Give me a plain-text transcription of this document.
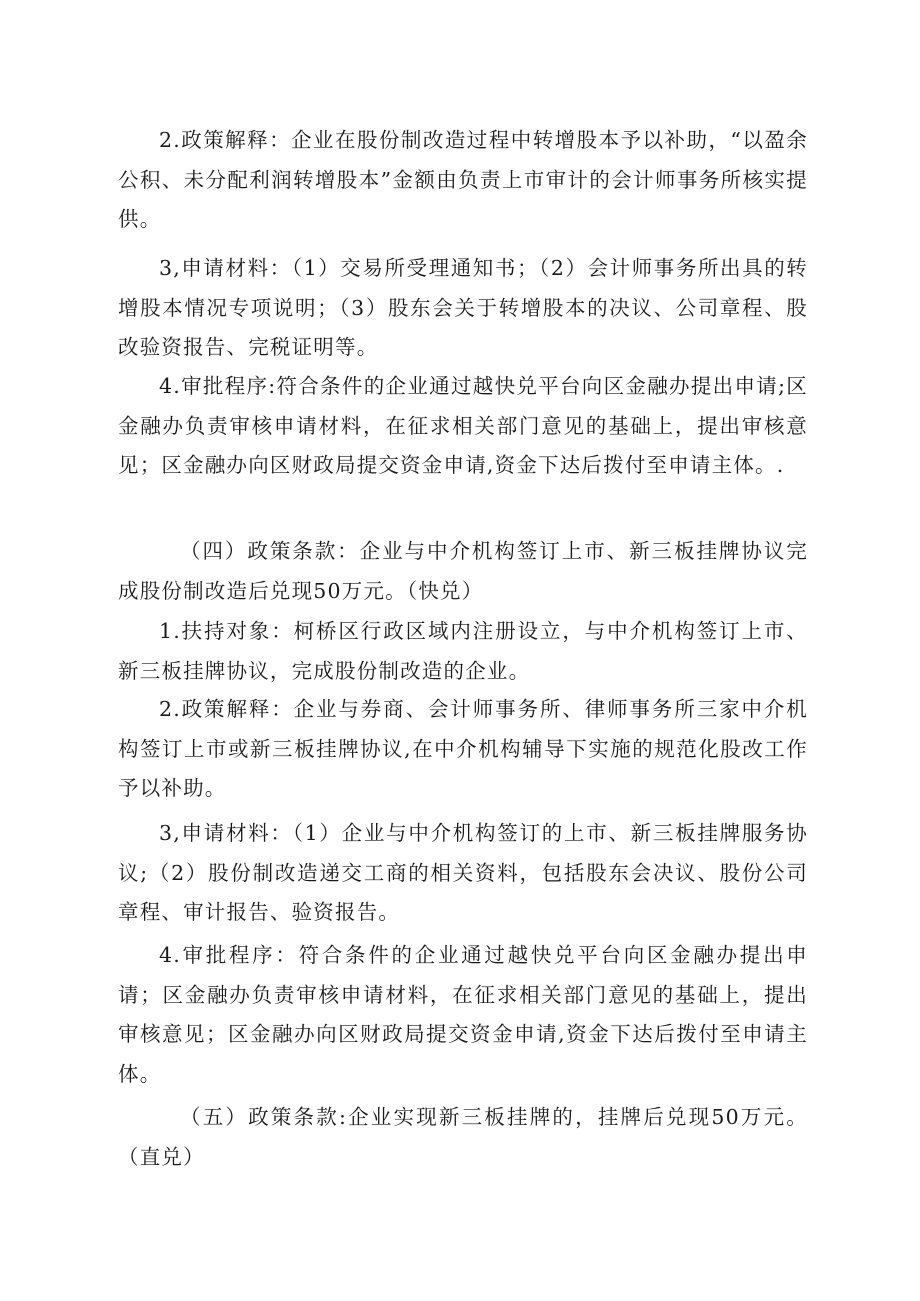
2.政策解释：企业在股份制改造过程中转增股本予以补助，“以盈余公积、未分配利润转增股本”金额由负责上市审计的会计师事务所核实提供。

3,申请材料：（1）交易所受理通知书；（2）会计师事务所出具的转增股本情况专项说明；（3）股东会关于转增股本的决议、公司章程、股改验资报告、完税证明等。

4.审批程序:符合条件的企业通过越快兑平台向区金融办提出申请;区金融办负责审核申请材料，在征求相关部门意见的基础上，提出审核意见；区金融办向区财政局提交资金申请,资金下达后拨付至申请主体。.

（四）政策条款：企业与中介机构签订上市、新三板挂牌协议完成股份制改造后兑现50万元。（快兑）

1.扶持对象：柯桥区行政区域内注册设立，与中介机构签订上市、新三板挂牌协议，完成股份制改造的企业。

2.政策解释：企业与券商、会计师事务所、律师事务所三家中介机构签订上市或新三板挂牌协议,在中介机构辅导下实施的规范化股改工作予以补助。

3,申请材料：（1）企业与中介机构签订的上市、新三板挂牌服务协议;（2）股份制改造递交工商的相关资料，包括股东会决议、股份公司章程、审计报告、验资报告。

4.审批程序：符合条件的企业通过越快兑平台向区金融办提出申请；区金融办负责审核申请材料，在征求相关部门意见的基础上，提出审核意见；区金融办向区财政局提交资金申请,资金下达后拨付至申请主体。

（五）政策条款:企业实现新三板挂牌的，挂牌后兑现50万元。（直兑）
